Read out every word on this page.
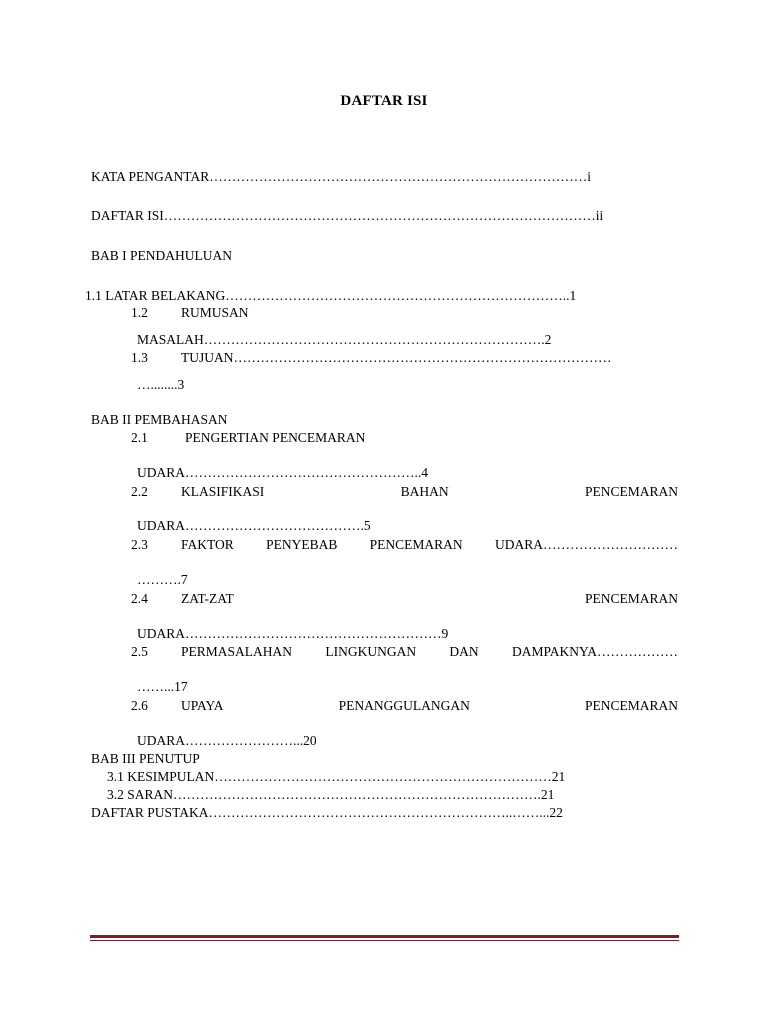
DAFTAR ISI
KATA PENGANTAR…………………………………………………………………………i
DAFTAR ISI……………………………………………………………………………………ii
BAB I PENDAHULUAN
1.1 LATAR BELAKANG…………………………………………………………………..1
1.2 RUMUSAN
MASALAH………………………………………………………………….2
1.3 TUJUAN…………………………………………………………………………
…........3
BAB II PEMBAHASAN
2.1	PENGERTIAN PENCEMARAN
UDARA……………………………………………..4
2.2 KLASIFIKASI	BAHAN	PENCEMARAN
UDARA………………………………….5
2.3 FAKTOR PENYEBAB PENCEMARAN UDARA…………………………
……….7
2.4 ZAT-ZAT	PENCEMARAN
UDARA…………………………………………………9
2.5 PERMASALAHAN LINGKUNGAN DAN DAMPAKNYA………………
……...17
2.6 UPAYA	PENANGGULANGAN	PENCEMARAN
UDARA……………………...20
BAB III PENUTUP
3.1 KESIMPULAN…………………………………………………………………21
3.2 SARAN……………………………………………………………………….21
DAFTAR PUSTAKA…………………………………………………………..……...22
